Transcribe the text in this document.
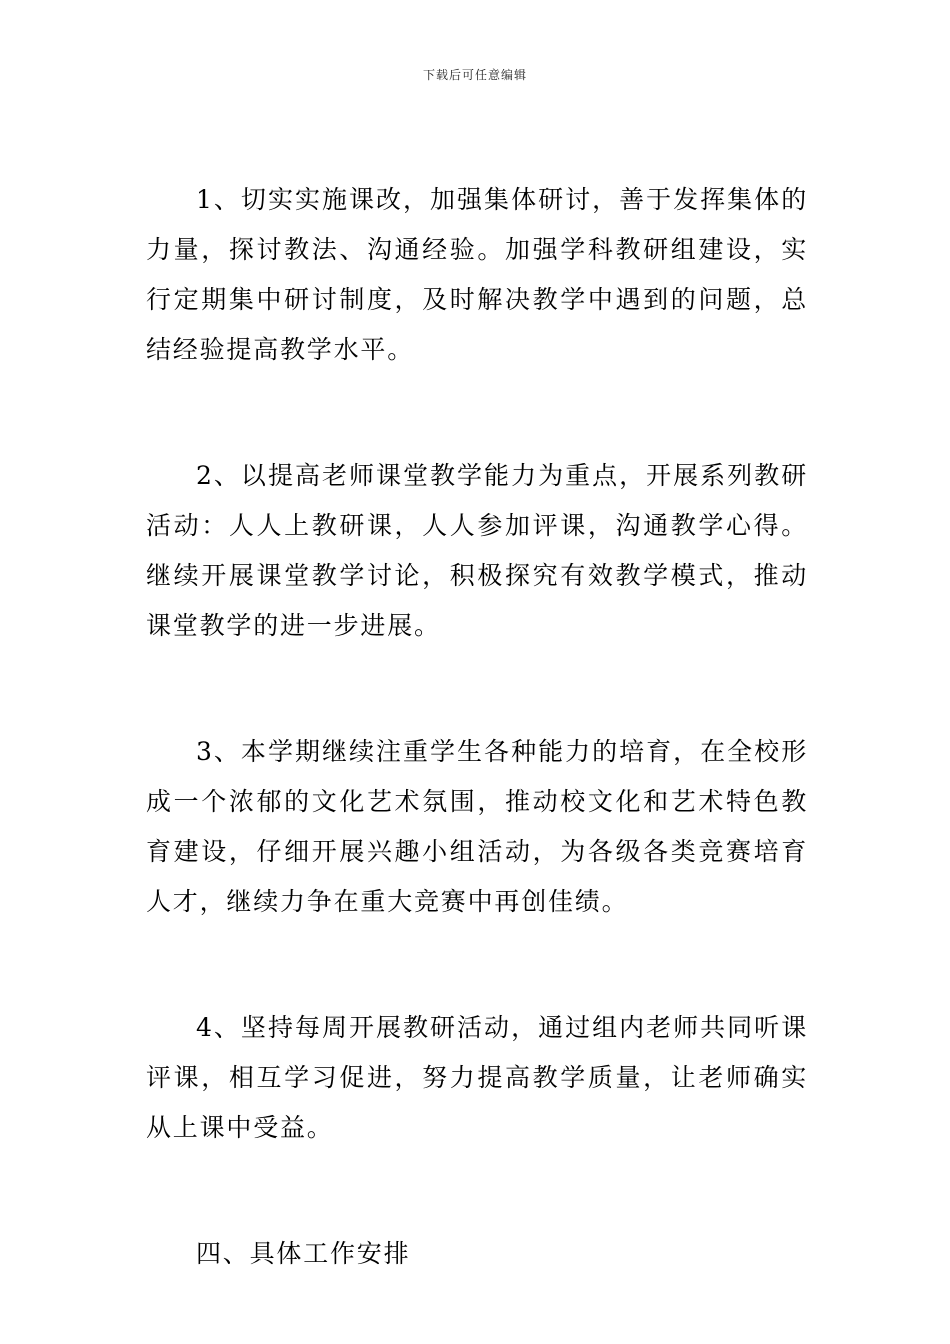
下载后可任意编辑

1、切实实施课改，加强集体研讨，善于发挥集体的力量，探讨教法、沟通经验。加强学科教研组建设，实行定期集中研讨制度，及时解决教学中遇到的问题，总结经验提高教学水平。

2、以提高老师课堂教学能力为重点，开展系列教研活动：人人上教研课，人人参加评课，沟通教学心得。继续开展课堂教学讨论，积极探究有效教学模式，推动课堂教学的进一步进展。

3、本学期继续注重学生各种能力的培育，在全校形成一个浓郁的文化艺术氛围，推动校文化和艺术特色教育建设，仔细开展兴趣小组活动，为各级各类竞赛培育人才，继续力争在重大竞赛中再创佳绩。

4、坚持每周开展教研活动，通过组内老师共同听课评课，相互学习促进，努力提高教学质量，让老师确实从上课中受益。

四、具体工作安排
